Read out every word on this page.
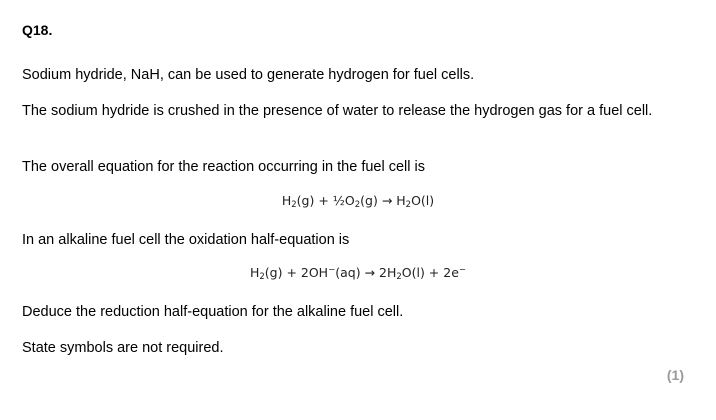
Q18.
Sodium hydride, NaH, can be used to generate hydrogen for fuel cells.
The sodium hydride is crushed in the presence of water to release the hydrogen gas for a fuel cell.
The overall equation for the reaction occurring in the fuel cell is
$H_2(g)$ + $\frac{1}{2}O_2(g) \to H_2O(l)$
In an alkaline fuel cell the oxidation half-equation is
$H_2(g) + 2OH^-(aq) \to 2H_2O(l) + 2e^-$
Deduce the reduction half-equation for the alkaline fuel cell.
State symbols are not required.
(1)
